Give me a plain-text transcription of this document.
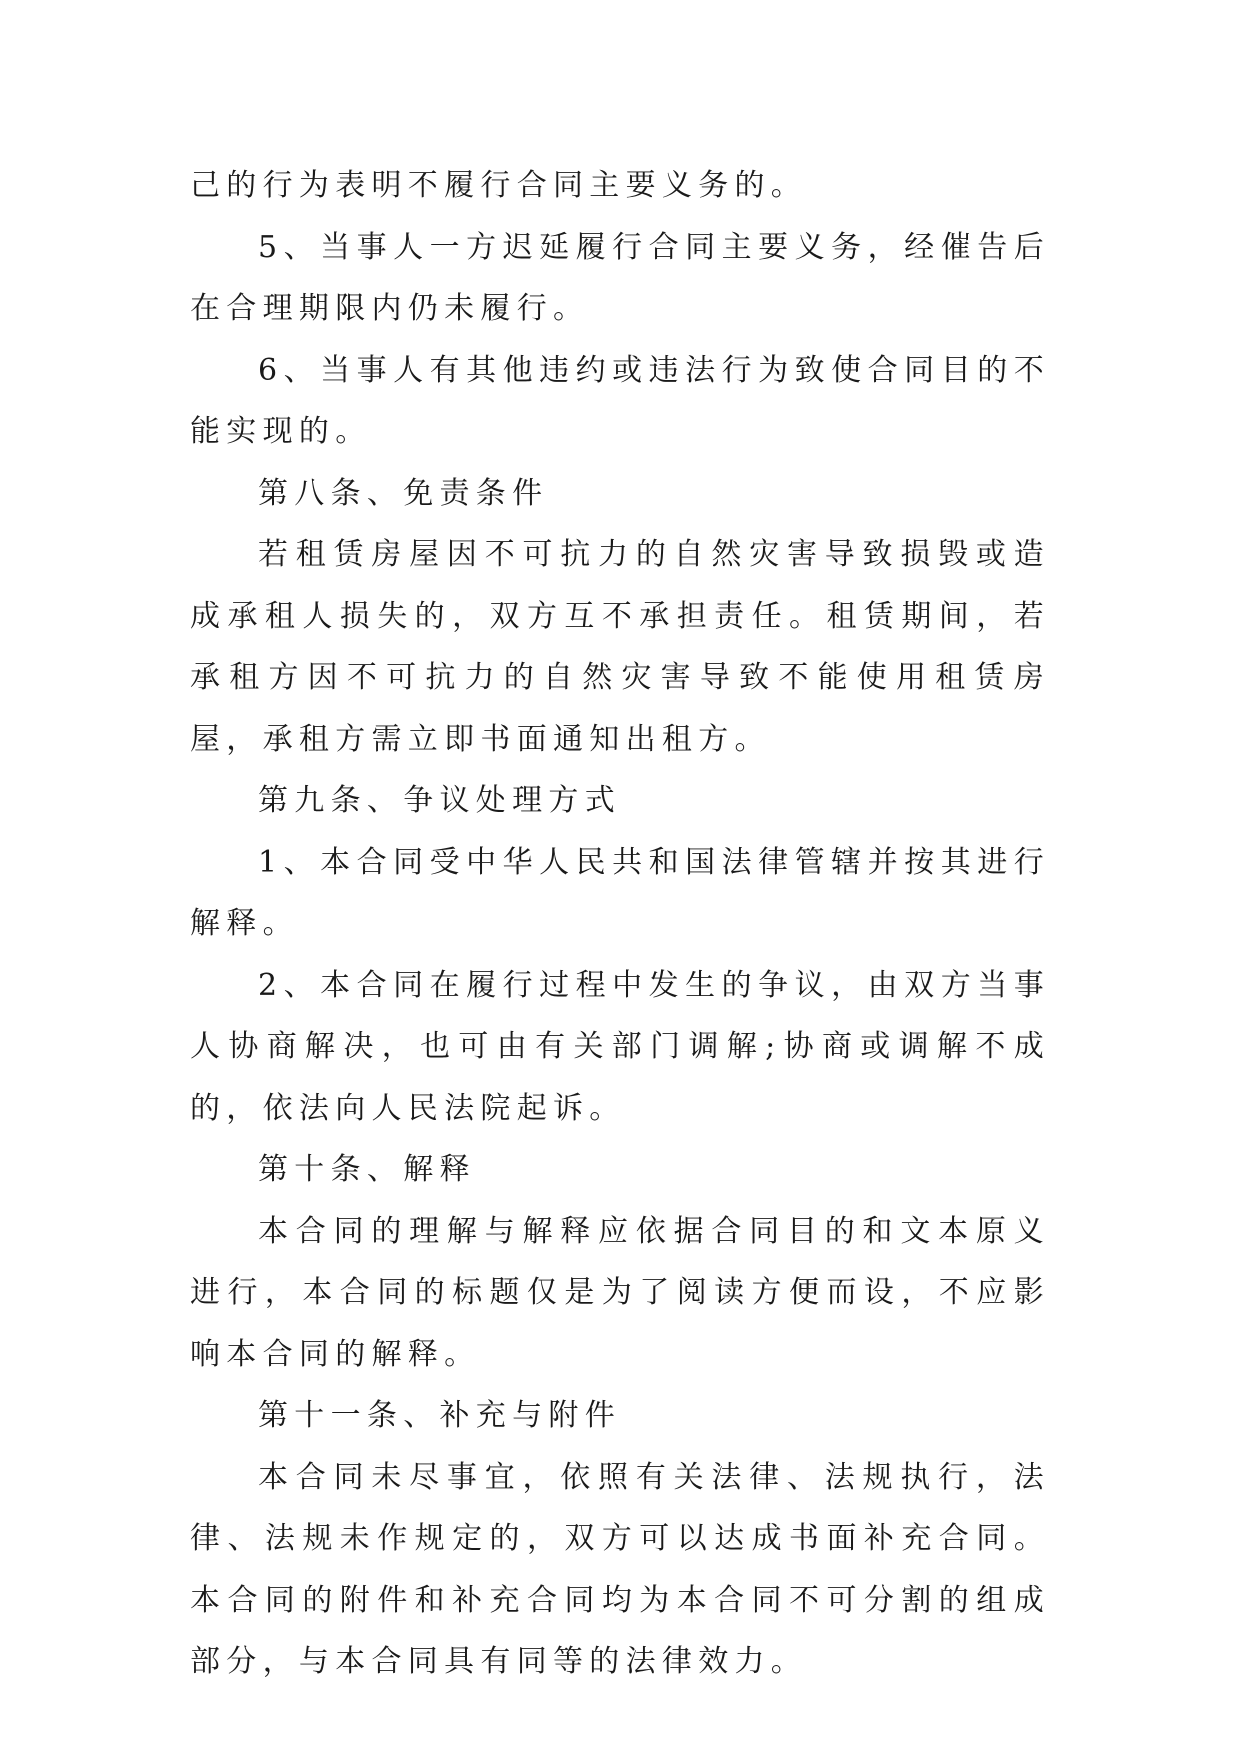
己的行为表明不履行合同主要义务的。

5、当事人一方迟延履行合同主要义务，经催告后在合理期限内仍未履行。

6、当事人有其他违约或违法行为致使合同目的不能实现的。

第八条、免责条件

若租赁房屋因不可抗力的自然灾害导致损毁或造成承租人损失的，双方互不承担责任。租赁期间，若承租方因不可抗力的自然灾害导致不能使用租赁房屋，承租方需立即书面通知出租方。

第九条、争议处理方式

1、本合同受中华人民共和国法律管辖并按其进行解释。

2、本合同在履行过程中发生的争议，由双方当事人协商解决，也可由有关部门调解;协商或调解不成的，依法向人民法院起诉。

第十条、解释

本合同的理解与解释应依据合同目的和文本原义进行，本合同的标题仅是为了阅读方便而设，不应影响本合同的解释。

第十一条、补充与附件

本合同未尽事宜，依照有关法律、法规执行，法律、法规未作规定的，双方可以达成书面补充合同。本合同的附件和补充合同均为本合同不可分割的组成部分，与本合同具有同等的法律效力。
